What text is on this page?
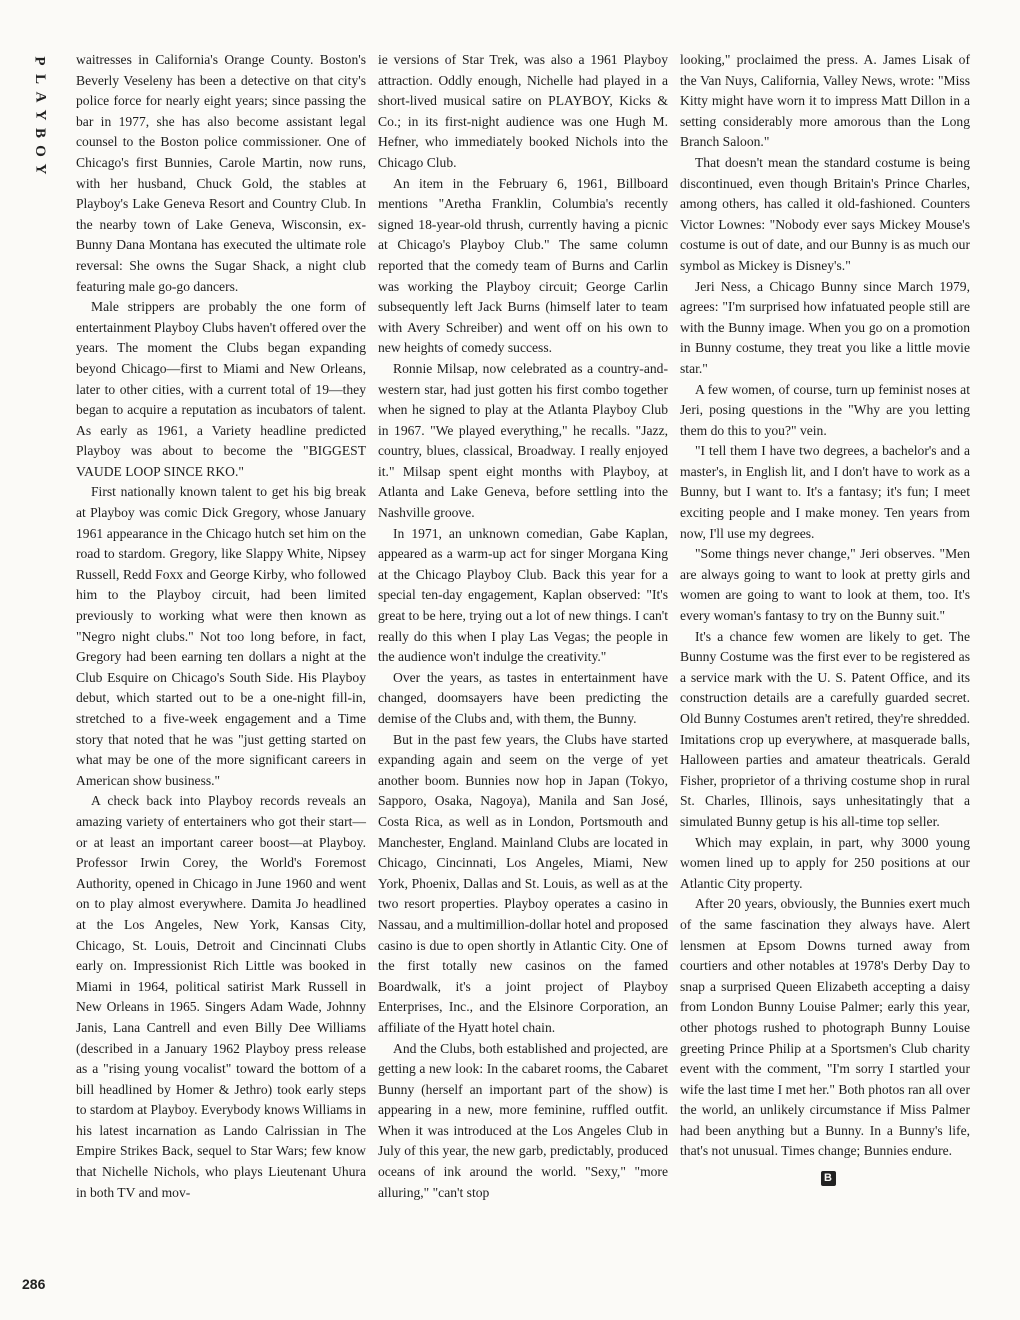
P
L
A
Y
B
O
Y

waitresses in California's Orange County. Boston's Beverly Veseleny has been a detective on that city's police force for nearly eight years; since passing the bar in 1977, she has also become assistant legal counsel to the Boston police commissioner. One of Chicago's first Bunnies, Carole Martin, now runs, with her husband, Chuck Gold, the stables at Playboy's Lake Geneva Resort and Country Club. In the nearby town of Lake Geneva, Wisconsin, ex-Bunny Dana Montana has executed the ultimate role reversal: She owns the Sugar Shack, a night club featuring male go-go dancers.

Male strippers are probably the one form of entertainment Playboy Clubs haven't offered over the years. The moment the Clubs began expanding beyond Chicago—first to Miami and New Orleans, later to other cities, with a current total of 19—they began to acquire a reputation as incubators of talent. As early as 1961, a Variety headline predicted Playboy was about to become the "BIGGEST VAUDE LOOP SINCE RKO."

First nationally known talent to get his big break at Playboy was comic Dick Gregory, whose January 1961 appearance in the Chicago hutch set him on the road to stardom. Gregory, like Slappy White, Nipsey Russell, Redd Foxx and George Kirby, who followed him to the Playboy circuit, had been limited previously to working what were then known as "Negro night clubs." Not too long before, in fact, Gregory had been earning ten dollars a night at the Club Esquire on Chicago's South Side. His Playboy debut, which started out to be a one-night fill-in, stretched to a five-week engagement and a Time story that noted that he was "just getting started on what may be one of the more significant careers in American show business."

A check back into Playboy records reveals an amazing variety of entertainers who got their start—or at least an important career boost—at Playboy. Professor Irwin Corey, the World's Foremost Authority, opened in Chicago in June 1960 and went on to play almost everywhere. Damita Jo headlined at the Los Angeles, New York, Kansas City, Chicago, St. Louis, Detroit and Cincinnati Clubs early on. Impressionist Rich Little was booked in Miami in 1964, political satirist Mark Russell in New Orleans in 1965. Singers Adam Wade, Johnny Janis, Lana Cantrell and even Billy Dee Williams (described in a January 1962 Playboy press release as a "rising young vocalist" toward the bottom of a bill headlined by Homer & Jethro) took early steps to stardom at Playboy. Everybody knows Williams in his latest incarnation as Lando Calrissian in The Empire Strikes Back, sequel to Star Wars; few know that Nichelle Nichols, who plays Lieutenant Uhura in both TV and mov-

ie versions of Star Trek, was also a 1961 Playboy attraction. Oddly enough, Nichelle had played in a short-lived musical satire on PLAYBOY, Kicks & Co.; in its first-night audience was one Hugh M. Hefner, who immediately booked Nichols into the Chicago Club.

An item in the February 6, 1961, Billboard mentions "Aretha Franklin, Columbia's recently signed 18-year-old thrush, currently having a picnic at Chicago's Playboy Club." The same column reported that the comedy team of Burns and Carlin was working the Playboy circuit; George Carlin subsequently left Jack Burns (himself later to team with Avery Schreiber) and went off on his own to new heights of comedy success.

Ronnie Milsap, now celebrated as a country-and-western star, had just gotten his first combo together when he signed to play at the Atlanta Playboy Club in 1967. "We played everything," he recalls. "Jazz, country, blues, classical, Broadway. I really enjoyed it." Milsap spent eight months with Playboy, at Atlanta and Lake Geneva, before settling into the Nashville groove.

In 1971, an unknown comedian, Gabe Kaplan, appeared as a warm-up act for singer Morgana King at the Chicago Playboy Club. Back this year for a special ten-day engagement, Kaplan observed: "It's great to be here, trying out a lot of new things. I can't really do this when I play Las Vegas; the people in the audience won't indulge the creativity."

Over the years, as tastes in entertainment have changed, doomsayers have been predicting the demise of the Clubs and, with them, the Bunny.

But in the past few years, the Clubs have started expanding again and seem on the verge of yet another boom. Bunnies now hop in Japan (Tokyo, Sapporo, Osaka, Nagoya), Manila and San José, Costa Rica, as well as in London, Portsmouth and Manchester, England. Mainland Clubs are located in Chicago, Cincinnati, Los Angeles, Miami, New York, Phoenix, Dallas and St. Louis, as well as at the two resort properties. Playboy operates a casino in Nassau, and a multimillion-dollar hotel and proposed casino is due to open shortly in Atlantic City. One of the first totally new casinos on the famed Boardwalk, it's a joint project of Playboy Enterprises, Inc., and the Elsinore Corporation, an affiliate of the Hyatt hotel chain.

And the Clubs, both established and projected, are getting a new look: In the cabaret rooms, the Cabaret Bunny (herself an important part of the show) is appearing in a new, more feminine, ruffled outfit. When it was introduced at the Los Angeles Club in July of this year, the new garb, predictably, produced oceans of ink around the world. "Sexy," "more alluring," "can't stop

looking," proclaimed the press. A. James Lisak of the Van Nuys, California, Valley News, wrote: "Miss Kitty might have worn it to impress Matt Dillon in a setting considerably more amorous than the Long Branch Saloon."

That doesn't mean the standard costume is being discontinued, even though Britain's Prince Charles, among others, has called it old-fashioned. Counters Victor Lownes: "Nobody ever says Mickey Mouse's costume is out of date, and our Bunny is as much our symbol as Mickey is Disney's."

Jeri Ness, a Chicago Bunny since March 1979, agrees: "I'm surprised how infatuated people still are with the Bunny image. When you go on a promotion in Bunny costume, they treat you like a little movie star."

A few women, of course, turn up feminist noses at Jeri, posing questions in the "Why are you letting them do this to you?" vein.

"I tell them I have two degrees, a bachelor's and a master's, in English lit, and I don't have to work as a Bunny, but I want to. It's a fantasy; it's fun; I meet exciting people and I make money. Ten years from now, I'll use my degrees.

"Some things never change," Jeri observes. "Men are always going to want to look at pretty girls and women are going to want to look at them, too. It's every woman's fantasy to try on the Bunny suit."

It's a chance few women are likely to get. The Bunny Costume was the first ever to be registered as a service mark with the U. S. Patent Office, and its construction details are a carefully guarded secret. Old Bunny Costumes aren't retired, they're shredded. Imitations crop up everywhere, at masquerade balls, Halloween parties and amateur theatricals. Gerald Fisher, proprietor of a thriving costume shop in rural St. Charles, Illinois, says unhesitatingly that a simulated Bunny getup is his all-time top seller.

Which may explain, in part, why 3000 young women lined up to apply for 250 positions at our Atlantic City property.

After 20 years, obviously, the Bunnies exert much of the same fascination they always have. Alert lensmen at Epsom Downs turned away from courtiers and other notables at 1978's Derby Day to snap a surprised Queen Elizabeth accepting a daisy from London Bunny Louise Palmer; early this year, other photogs rushed to photograph Bunny Louise greeting Prince Philip at a Sportsmen's Club charity event with the comment, "I'm sorry I startled your wife the last time I met her." Both photos ran all over the world, an unlikely circumstance if Miss Palmer had been anything but a Bunny. In a Bunny's life, that's not unusual. Times change; Bunnies endure.

B
286
